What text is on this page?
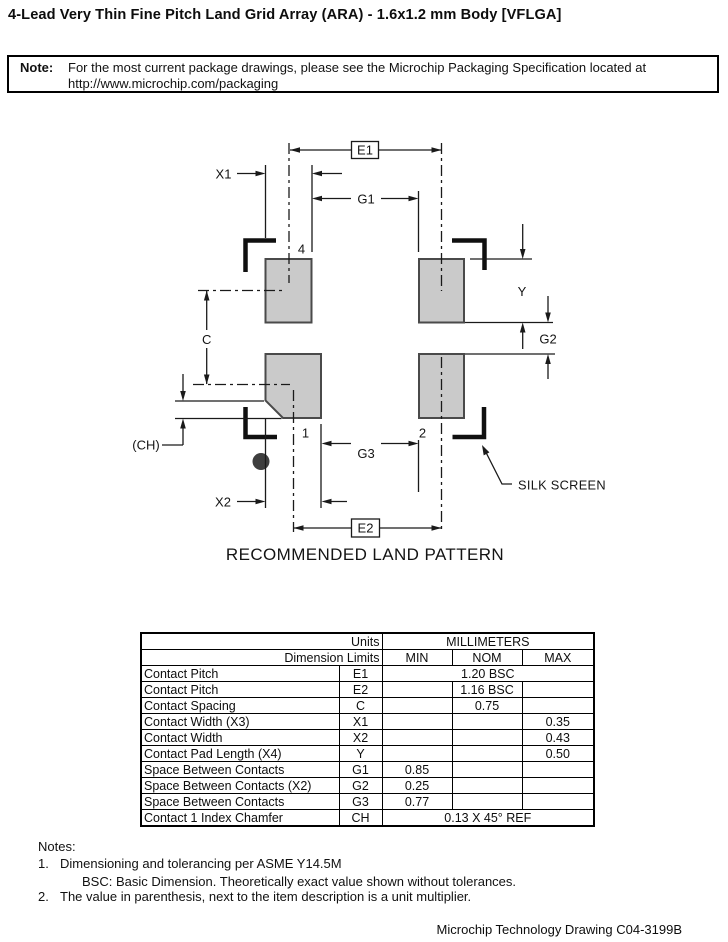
4-Lead Very Thin Fine Pitch Land Grid Array (ARA) - 1.6x1.2 mm Body [VFLGA]
Note:	For the most current package drawings, please see the Microchip Packaging Specification located at
http://www.microchip.com/packaging
E1
X1
G1
Y
G2
C
(CH)
X2
G3
E2
SILK SCREEN
4
1	2
RECOMMENDED LAND PATTERN
Units		MILLIMETERS		
Dimension Limits		MIN	NOM	MAX
Contact Pitch	E1	1.20 BSC		
Contact Pitch	E2		1.16 BSC	
Contact Spacing	C		0.75	
Contact Width (X3)	X1			0.35
Contact Width	X2			0.43
Contact Pad Length (X4)	Y			0.50
Space Between Contacts	G1	0.85		
Space Between Contacts (X2)	G2	0.25		
Space Between Contacts	G3	0.77		
Contact 1 Index Chamfer	CH	0.13 X 45° REF		
Notes:
1. Dimensioning and tolerancing per ASME Y14.5M
BSC: Basic Dimension. Theoretically exact value shown without tolerances.
2. The value in parenthesis, next to the item description is a unit multiplier.
Microchip Technology Drawing C04-3199B
